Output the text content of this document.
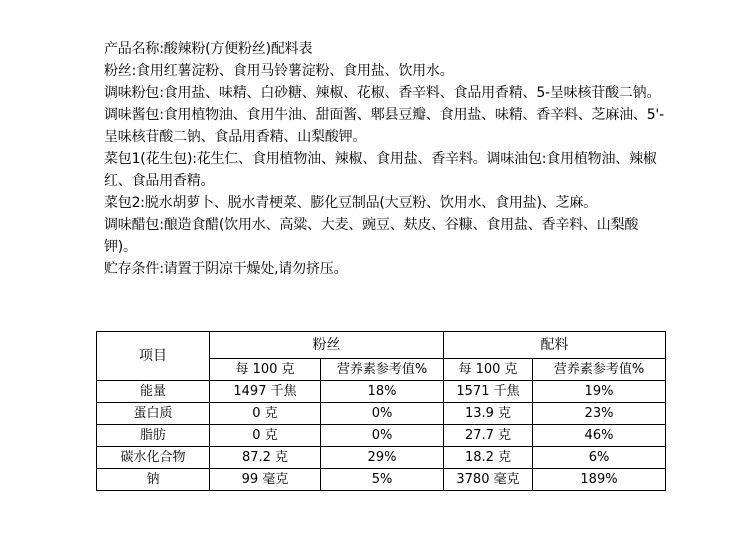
产品名称:酸辣粉(方便粉丝)配料表

粉丝:食用红薯淀粉、食用马铃薯淀粉、食用盐、饮用水。

调味粉包:食用盐、味精、白砂糖、辣椒、花椒、香辛料、食品用香精、5-呈味核苷酸二钠。

调味酱包:食用植物油、食用牛油、甜面酱、郫县豆瓣、食用盐、味精、香辛料、芝麻油、5'-呈味核苷酸二钠、食品用香精、山梨酸钾。

菜包1(花生包):花生仁、食用植物油、辣椒、食用盐、香辛料。调味油包:食用植物油、辣椒红、食品用香精。

菜包2:脱水胡萝卜、脱水青梗菜、膨化豆制品(大豆粉、饮用水、食用盐)、芝麻。

调味醋包:酿造食醋(饮用水、高粱、大麦、豌豆、麸皮、谷糠、食用盐、香辛料、山梨酸钾)。

贮存条件:请置于阴凉干燥处,请勿挤压。

项目	粉丝		配料	
	每 100 克	营养素参考值%	每 100 克	营养素参考值%
能量	1497 千焦	18%	1571 千焦	19%
蛋白质	0 克	0%	13.9 克	23%
脂肪	0 克	0%	27.7 克	46%
碳水化合物	87.2 克	29%	18.2 克	6%
钠	99 毫克	5%	3780 毫克	189%
